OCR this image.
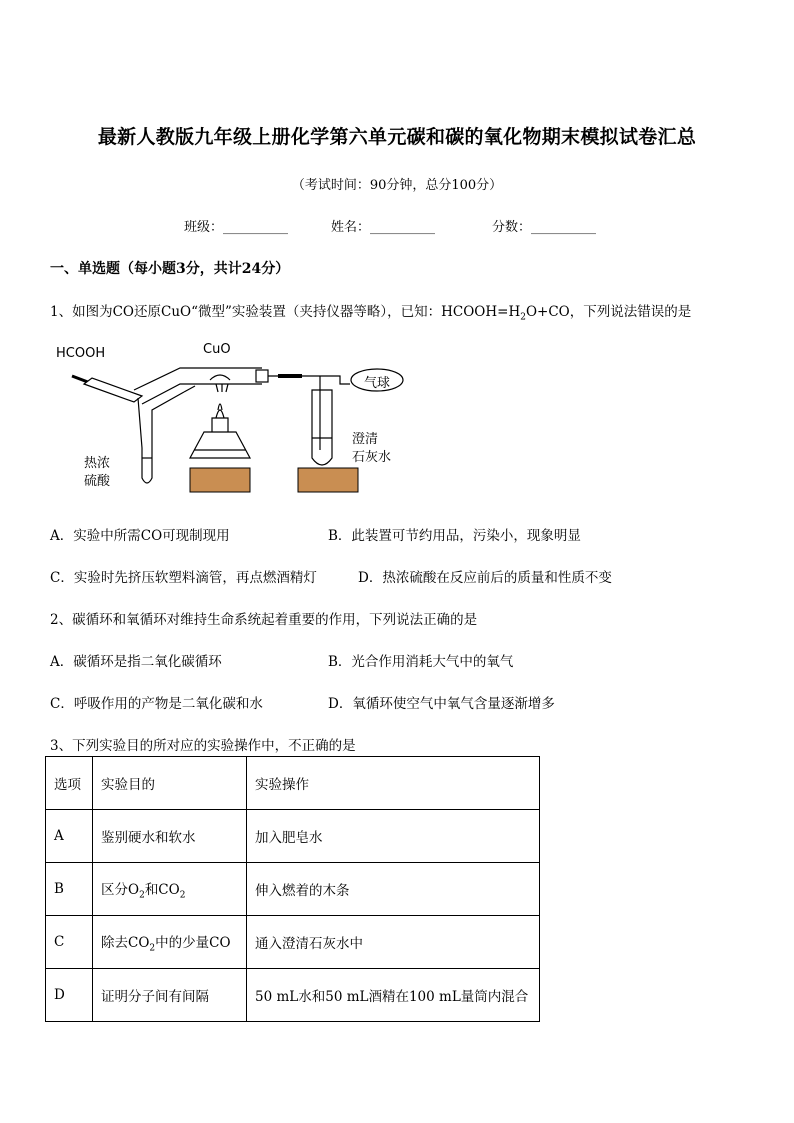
最新人教版九年级上册化学第六单元碳和碳的氧化物期末模拟试卷汇总
（考试时间：90分钟，总分100分）
班级：__________	姓名：__________	分数：__________
一、单选题（每小题3分，共计24分）
1、如图为CO还原CuO“微型”实验装置（夹持仪器等略），已知：$HCOOH=H_2O+CO$，下列说法错误的是
HCOOH	CuO
气球
澄清
石灰水
热浓
硫酸
A．实验中所需CO可现制现用	B．此装置可节约用品，污染小，现象明显
C．实验时先挤压软塑料滴管，再点燃酒精灯	D．热浓硫酸在反应前后的质量和性质不变
2、碳循环和氧循环对维持生命系统起着重要的作用，下列说法正确的是
A．碳循环是指二氧化碳循环	B．光合作用消耗大气中的氧气
C．呼吸作用的产物是二氧化碳和水	D．氧循环使空气中氧气含量逐渐增多
3、下列实验目的所对应的实验操作中，不正确的是
选项	实验目的	实验操作
A	鉴别硬水和软水	加入肥皂水
B	区分$O_2$和$CO_2$	伸入燃着的木条
C	除去$CO_2$中的少量CO	通入澄清石灰水中
D	证明分子间有间隔	50 mL水和50 mL酒精在100 mL量筒内混合
